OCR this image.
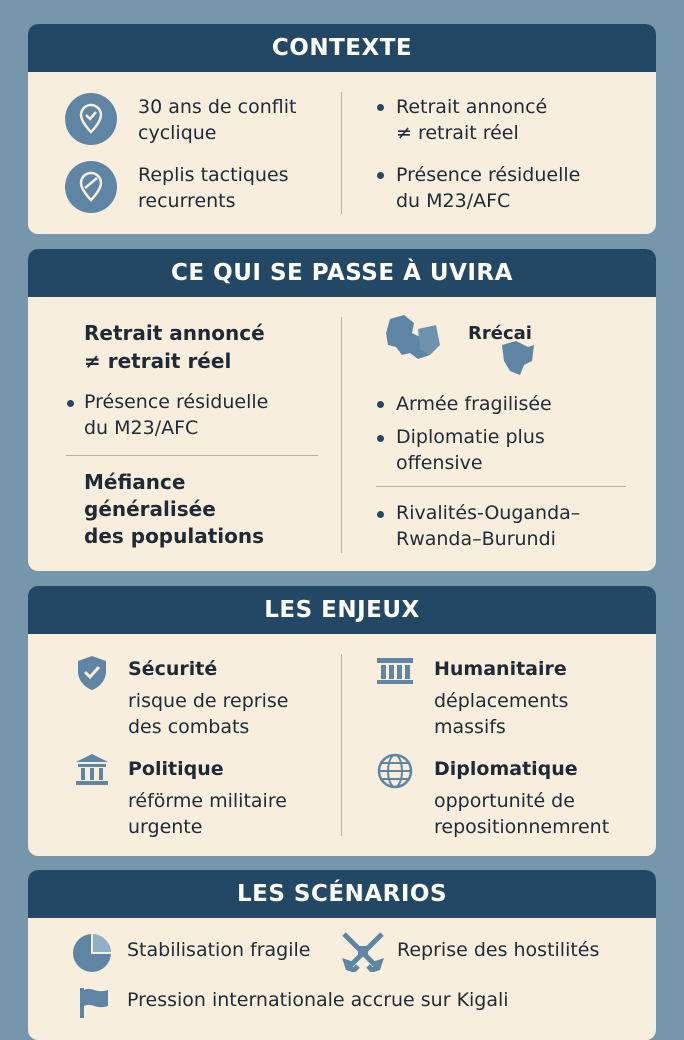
CONTEXTE
30 ans de conflit
cyclique
Replis tactiques
recurrents
Retrait annoncé
≠ retrait réel
Présence résiduelle
du M23/AFC
CE QUI SE PASSE À UVIRA
Retrait annoncé
≠ retrait réel
Présence résiduelle
du M23/AFC
Méfiance
généralisée
des populations
Rrécai
Armée fragilisée
Diplomatie plus
offensive
Rivalités-Ouganda–
Rwanda–Burundi
LES ENJEUX
Sécurité
risque de reprise
des combats
Politique
réförme militaire
urgente
Humanitaire
déplacements
massifs
Diplomatique
opportunité de
repositionnemrent
LES SCÉNARIOS
Stabilisation fragile	Reprise des hostilités
Pression internationale accrue sur Kigali
